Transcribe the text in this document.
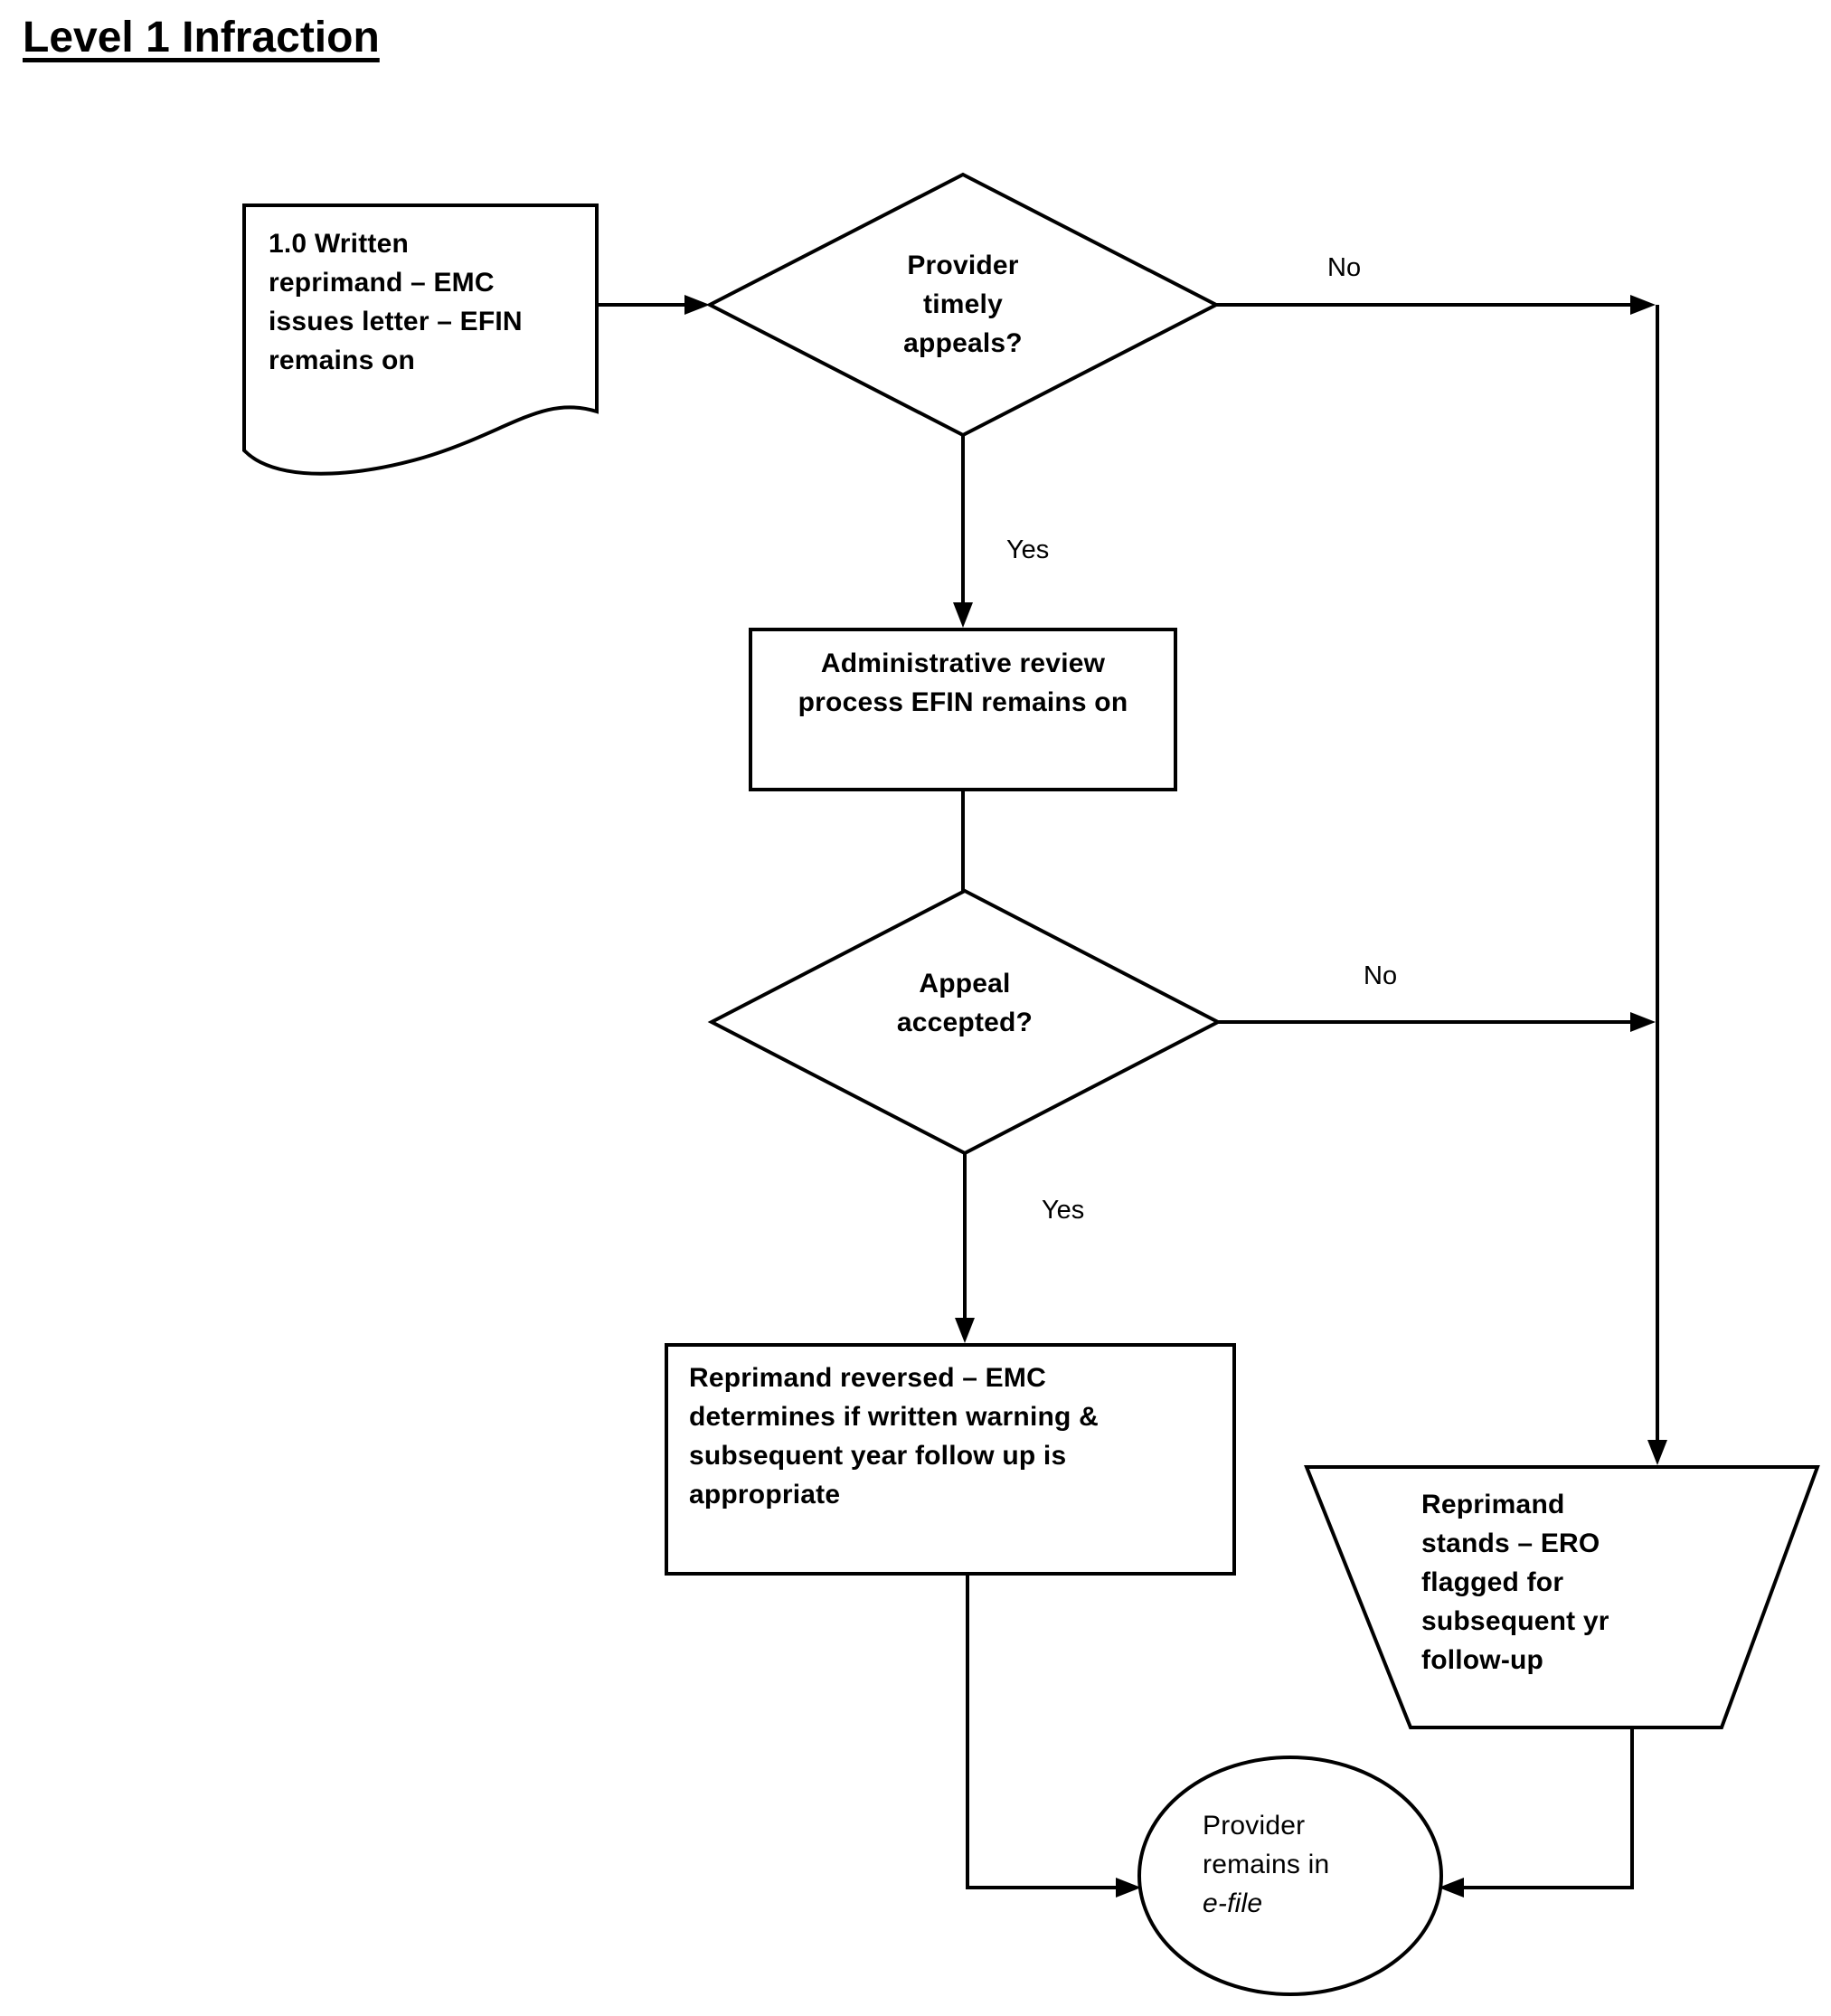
Level 1 Infraction
1.0 Written
reprimand – EMC
issues letter – EFIN
remains on
Provider
timely
appeals?
Administrative review
process EFIN remains on
Appeal
accepted?
Reprimand reversed – EMC
determines if written warning &
subsequent year follow up is
appropriate	Reprimand
stands – ERO
flagged for
subsequent yr
follow-up
Provider
remains in
e-file
No
Yes
No
Yes
